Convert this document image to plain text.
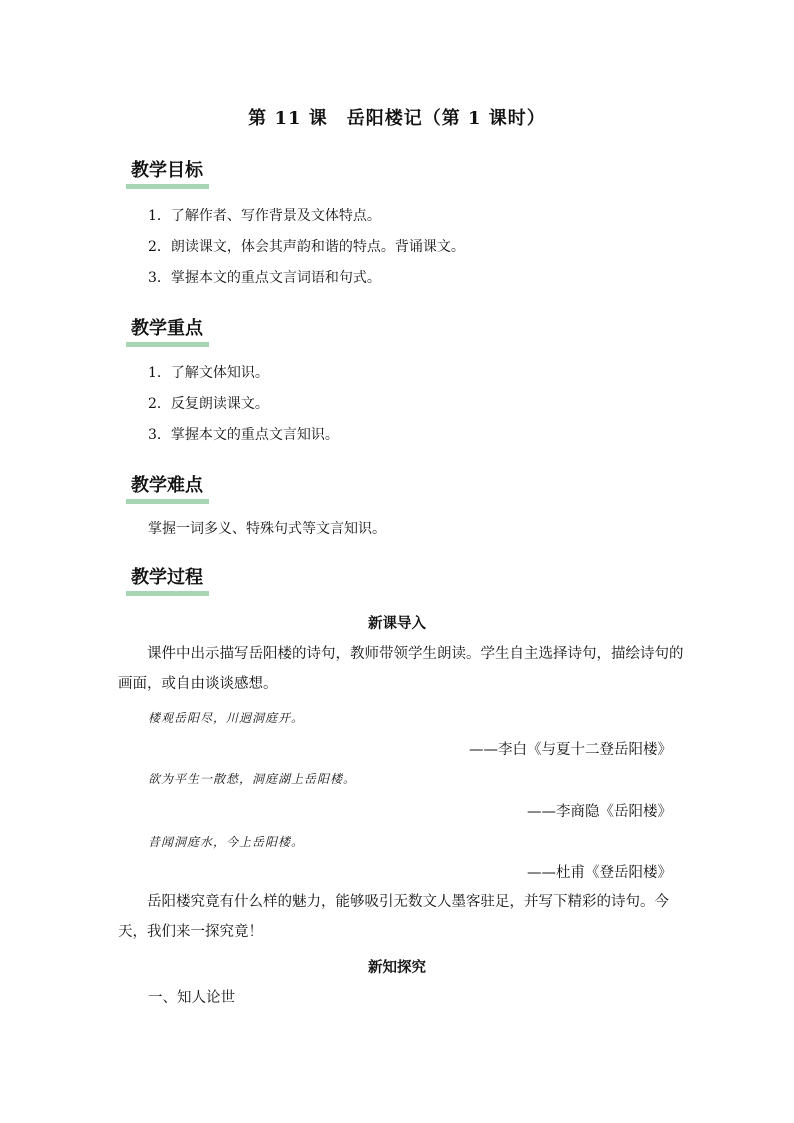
第 11 课　岳阳楼记（第 1 课时）
教学目标
1．了解作者、写作背景及文体特点。
2．朗读课文，体会其声韵和谐的特点。背诵课文。
3．掌握本文的重点文言词语和句式。
教学重点
1．了解文体知识。
2．反复朗读课文。
3．掌握本文的重点文言知识。
教学难点
掌握一词多义、特殊句式等文言知识。
教学过程
新课导入
课件中出示描写岳阳楼的诗句，教师带领学生朗读。学生自主选择诗句，描绘诗句的画面，或自由谈谈感想。
楼观岳阳尽，川迥洞庭开。
——李白《与夏十二登岳阳楼》
欲为平生一散愁，洞庭湖上岳阳楼。
——李商隐《岳阳楼》
昔闻洞庭水，今上岳阳楼。
——杜甫《登岳阳楼》
岳阳楼究竟有什么样的魅力，能够吸引无数文人墨客驻足，并写下精彩的诗句。今天，我们来一探究竟！
新知探究
一、知人论世
